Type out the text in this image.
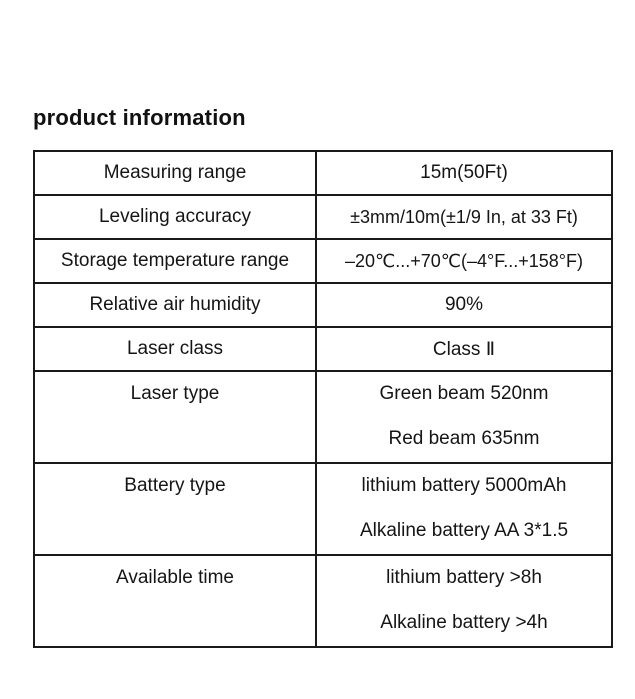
product information
Measuring range	15m(50Ft)
Leveling accuracy	±3mm/10m(±1/9 In, at 33 Ft)
Storage temperature range	–20℃...+70℃(–4°F...+158°F)
Relative air humidity	90%
Laser class	Class Ⅱ

Laser type	Green beam 520nm
Red beam 635nm

Battery type	lithium battery 5000mAh
Alkaline battery AA 3*1.5

Available time	lithium battery >8h
Alkaline battery >4h
